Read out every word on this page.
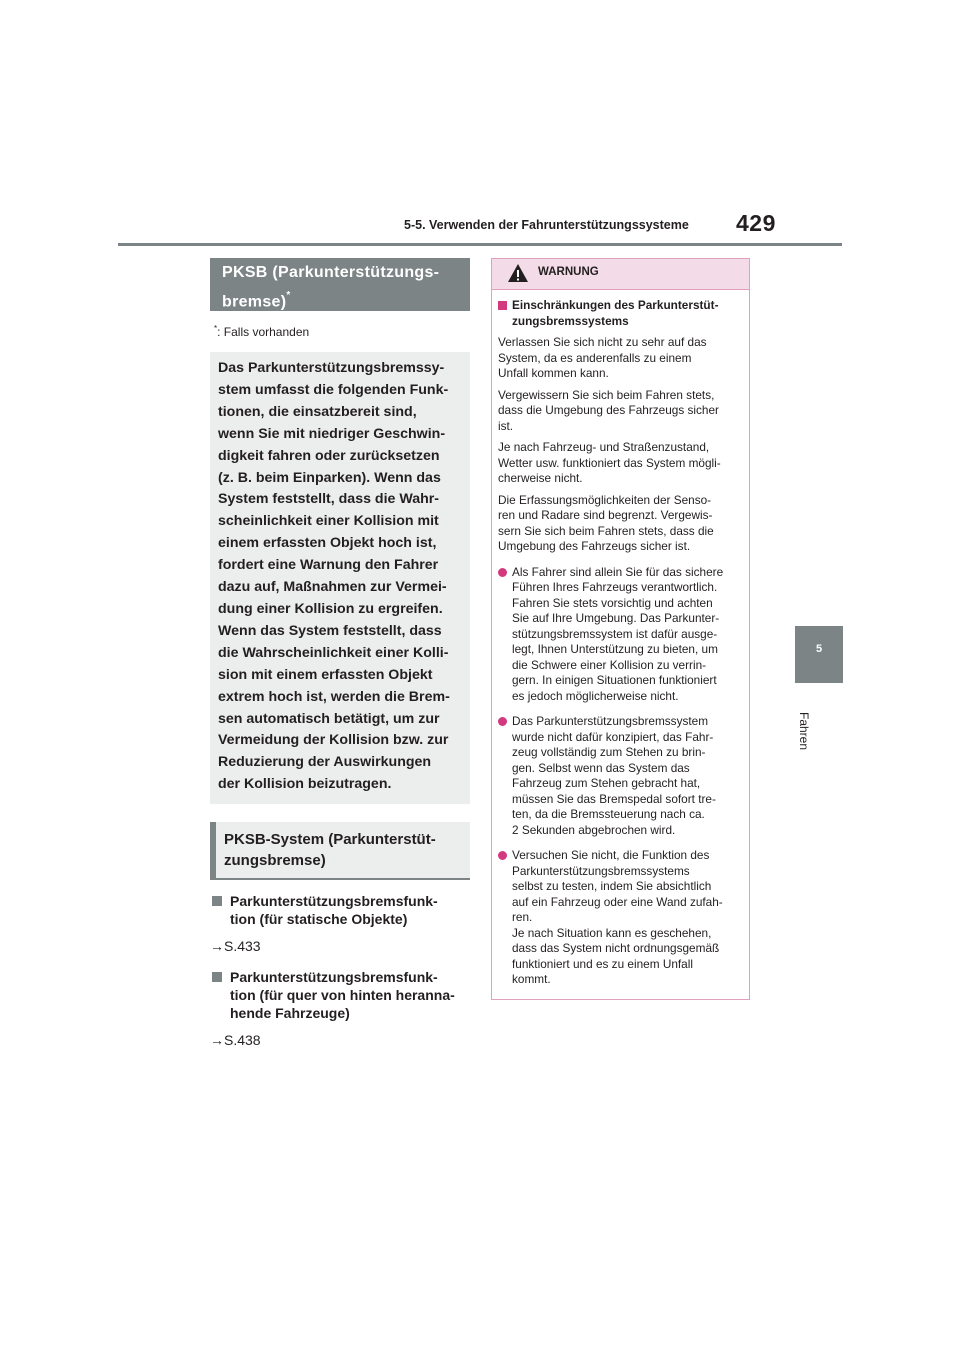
5-5. Verwenden der Fahrunterstützungssysteme	429
5
Fahren
PKSB (Parkunterstützungs-
bremse)*
*: Falls vorhanden
Das Parkunterstützungsbremssy-
stem umfasst die folgenden Funk-
tionen, die einsatzbereit sind,
wenn Sie mit niedriger Geschwin-
digkeit fahren oder zurücksetzen
(z. B. beim Einparken). Wenn das
System feststellt, dass die Wahr-
scheinlichkeit einer Kollision mit
einem erfassten Objekt hoch ist,
fordert eine Warnung den Fahrer
dazu auf, Maßnahmen zur Vermei-
dung einer Kollision zu ergreifen.
Wenn das System feststellt, dass
die Wahrscheinlichkeit einer Kolli-
sion mit einem erfassten Objekt
extrem hoch ist, werden die Brem-
sen automatisch betätigt, um zur
Vermeidung der Kollision bzw. zur
Reduzierung der Auswirkungen
der Kollision beizutragen.
PKSB-System (Parkunterstüt-
zungsbremse)
Parkunterstützungsbremsfunk-
tion (für statische Objekte)
→S.433
Parkunterstützungsbremsfunk-
tion (für quer von hinten heranna-
hende Fahrzeuge)
→S.438
WARNUNG
Einschränkungen des Parkunterstüt-
zungsbremssystems
Verlassen Sie sich nicht zu sehr auf das
System, da es anderenfalls zu einem
Unfall kommen kann.
Vergewissern Sie sich beim Fahren stets,
dass die Umgebung des Fahrzeugs sicher
ist.
Je nach Fahrzeug- und Straßenzustand,
Wetter usw. funktioniert das System mögli-
cherweise nicht.
Die Erfassungsmöglichkeiten der Senso-
ren und Radare sind begrenzt. Vergewis-
sern Sie sich beim Fahren stets, dass die
Umgebung des Fahrzeugs sicher ist.
Als Fahrer sind allein Sie für das sichere
Führen Ihres Fahrzeugs verantwortlich.
Fahren Sie stets vorsichtig und achten
Sie auf Ihre Umgebung. Das Parkunter-
stützungsbremssystem ist dafür ausge-
legt, Ihnen Unterstützung zu bieten, um
die Schwere einer Kollision zu verrin-
gern. In einigen Situationen funktioniert
es jedoch möglicherweise nicht.
Das Parkunterstützungsbremssystem
wurde nicht dafür konzipiert, das Fahr-
zeug vollständig zum Stehen zu brin-
gen. Selbst wenn das System das
Fahrzeug zum Stehen gebracht hat,
müssen Sie das Bremspedal sofort tre-
ten, da die Bremssteuerung nach ca.
2 Sekunden abgebrochen wird.
Versuchen Sie nicht, die Funktion des
Parkunterstützungsbremssystems
selbst zu testen, indem Sie absichtlich
auf ein Fahrzeug oder eine Wand zufah-
ren.
Je nach Situation kann es geschehen,
dass das System nicht ordnungsgemäß
funktioniert und es zu einem Unfall
kommt.
